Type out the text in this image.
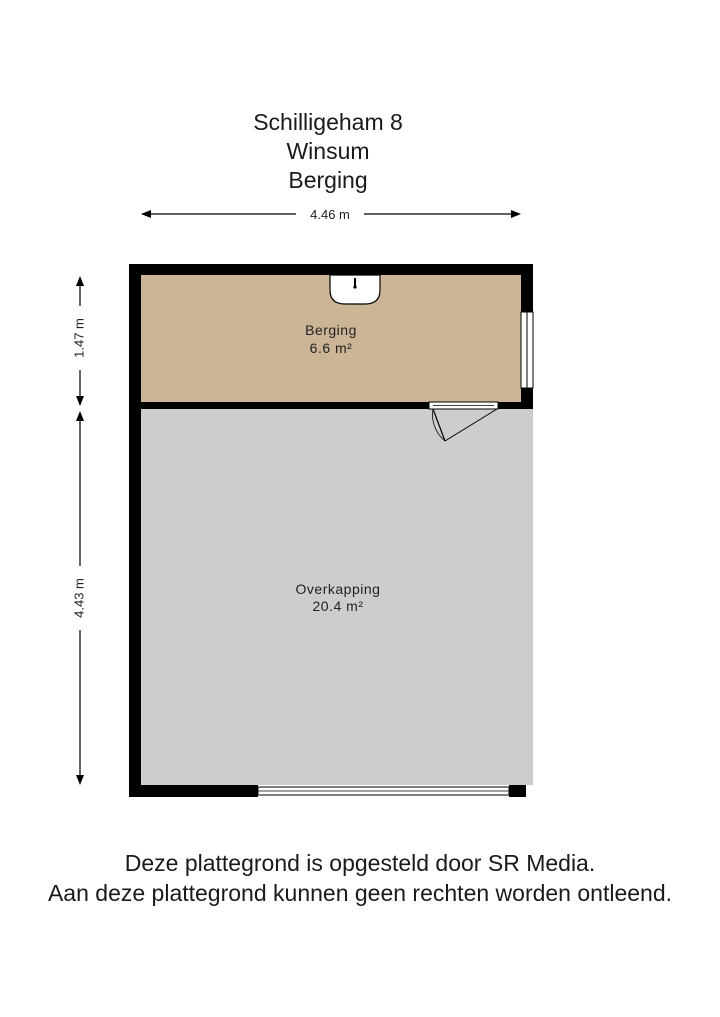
Schilligeham 8
Winsum
Berging
4.46 m
1.47 m
4.43 m
Berging
6.6 m²
Overkapping
20.4 m²
Deze plattegrond is opgesteld door SR Media.
Aan deze plattegrond kunnen geen rechten worden ontleend.
